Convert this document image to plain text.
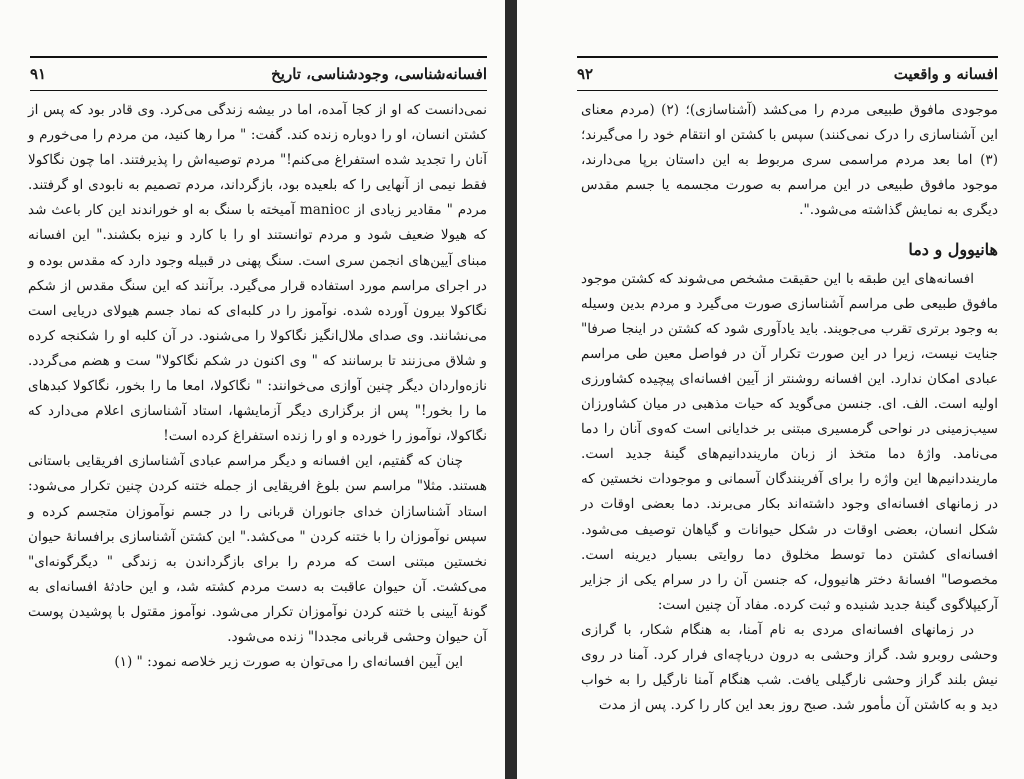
۹۱	افسانه‌شناسی، وجودشناسی، تاریخ

نمی‌دانست که او از کجا آمده، اما در بیشه زندگی می‌کرد. وی قادر بود که پس از کشتن انسان، او را دوباره زنده کند. گفت: " مرا رها کنید، من مردم را می‌خورم و آنان را تجدید شده استفراغ می‌کنم!" مردم توصیه‌اش را پذیرفتند. اما چون نگاکولا فقط نیمی از آنهایی را که بلعیده بود، بازگرداند، مردم تصمیم به نابودی او گرفتند. مردم " مقادیر زیادی از manioc آمیخته با سنگ به او خوراندند این کار باعث شد که هیولا ضعیف شود و مردم توانستند او را با کارد و نیزه بکشند." این افسانه مبنای آیین‌های انجمن سری است. سنگ پهنی در قبیله وجود دارد که مقدس بوده و در اجرای مراسم مورد استفاده قرار می‌گیرد. برآنند که این سنگ مقدس از شکم نگاکولا بیرون آورده شده. نوآموز را در کلبه‌ای که نماد جسم هیولای دریایی است می‌نشانند. وی صدای ملال‌انگیز نگاکولا را می‌شنود. در آن کلبه او را شکنجه کرده و شلاق می‌زنند تا برسانند که " وی اکنون در شکم نگاکولا" ست و هضم می‌گردد. نازه‌واردان دیگر چنین آوازی می‌خوانند: " نگاکولا، امعا ما را بخور، نگاکولا کبدهای ما را بخور!" پس از برگزاری دیگر آزمایشها، استاد آشناسازی اعلام می‌دارد که نگاکولا، نوآموز را خورده و او را زنده استفراغ کرده است!

چنان که گفتیم، این افسانه و دیگر مراسم عبادی آشناسازی افریقایی باستانی هستند. مثلا" مراسم سن بلوغ افریقایی از جمله ختنه کردن چنین تکرار می‌شود: استاد آشناسازان خدای جانوران قربانی را در جسم نوآموزان متجسم کرده و سپس نوآموزان را با ختنه کردن " می‌کشد." این کشتن آشناسازی برافسانه‌ٔ حیوان نخستین مبتنی است که مردم را برای بازگرداندن به زندگی " دیگرگونه‌ای" می‌کشت. آن حیوان عاقبت به دست مردم کشته شد، و این حادثه‌ٔ افسانه‌ای به گونه‌ٔ آیینی با ختنه کردن نوآموزان تکرار می‌شود. نوآموز مقتول با پوشیدن پوست آن حیوان وحشی قربانی مجددا" زنده می‌شود.

این آیین افسانه‌ای را می‌توان به صورت زیر خلاصه نمود: " (۱)

۹۲	افسانه و واقعیت

موجودی مافوق طبیعی مردم را می‌کشد (آشناسازی)؛ (۲) (مردم معنای این آشناسازی را درک نمی‌کنند) سپس با کشتن او انتقام خود را می‌گیرند؛ (۳) اما بعد مردم مراسمی سری مربوط به این داستان برپا می‌دارند، موجود مافوق طبیعی در این مراسم به صورت مجسمه یا جسم مقدس دیگری به نمایش گذاشته می‌شود.".

هانیوول و دما

افسانه‌های این طبقه با این حقیقت مشخص می‌شوند که کشتن موجود مافوق طبیعی طی مراسم آشناسازی صورت می‌گیرد و مردم بدین وسیله به وجود برتری تقرب می‌جویند. باید یادآوری شود که کشتن در اینجا صرفا" جنایت نیست، زیرا در این صورت تکرار آن در فواصل معین طی مراسم عبادی امکان ندارد. این افسانه روشنتر از آیین افسانه‌ای پیچیده کشاورزی اولیه است. الف. ای. جنسن می‌گوید که حیات مذهبی در میان کشاورزان سیب‌زمینی در نواحی گرمسیری مبتنی بر خدایانی است که‌وی آنان را دما می‌نامد. واژه‌ٔ دما متخذ از زبان مارینددانیم‌های گینه‌ٔ جدید است. مارینددانیم‌ها این واژه را برای آفرینندگان آسمانی و موجودات نخستین که در زمانهای افسانه‌ای وجود داشته‌اند بکار می‌برند. دما بعضی اوقات در شکل انسان، بعضی اوقات در شکل حیوانات و گیاهان توصیف می‌شود. افسانه‌ای کشتن دما توسط مخلوق دما روایتی بسیار دیرینه است. مخصوصا" افسانه‌ٔ دختر هانیوول، که جنسن آن را در سرام یکی از جزایر آرکیپلاگوی گینه‌ٔ جدید شنیده و ثبت کرده. مفاد آن چنین است:

در زمانهای افسانه‌ای مردی به نام آمنا، به هنگام شکار، با گرازی وحشی روبرو شد. گراز وحشی به درون دریاچه‌ای فرار کرد. آمنا در روی نیش بلند گراز وحشی نارگیلی یافت. شب هنگام آمنا نارگیل را به خواب دید و به کاشتن آن مأمور شد. صبح روز بعد این کار را کرد. پس از مدت
